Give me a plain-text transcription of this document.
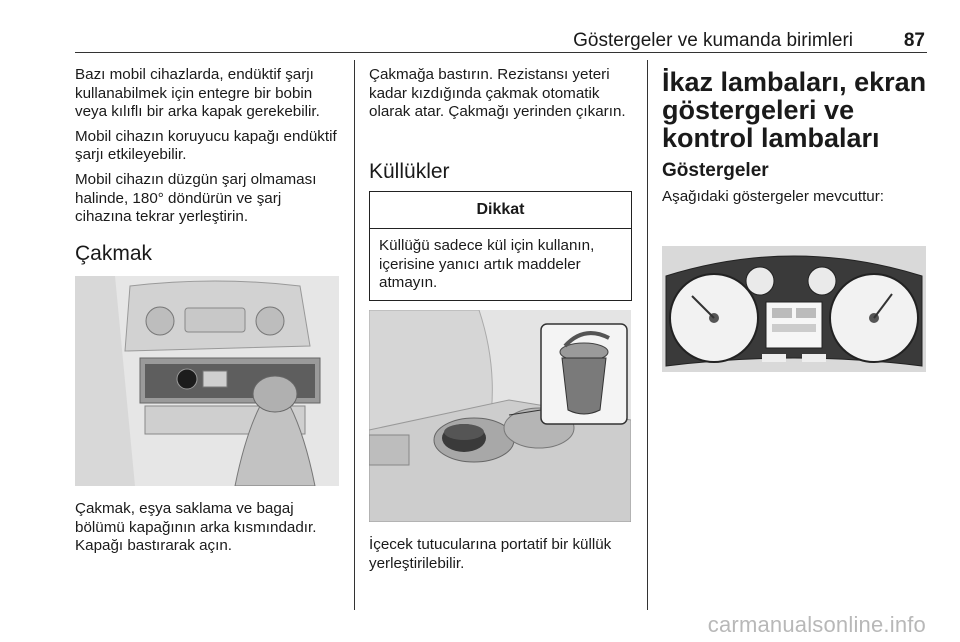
Göstergeler ve kumanda birimleri	87

Bazı mobil cihazlarda, endüktif şarjı kullanabilmek için entegre bir bobin veya kılıflı bir arka kapak gerekebilir.

Mobil cihazın koruyucu kapağı endüktif şarjı etkileyebilir.

Mobil cihazın düzgün şarj olmaması halinde, 180° döndürün ve şarj cihazına tekrar yerleştirin.

Çakmak
Çakmak, eşya saklama ve bagaj bölümü kapağının arka kısmındadır. Kapağı bastırarak açın.
Çakmağa bastırın. Rezistansı yeteri kadar kızdığında çakmak otomatik olarak atar. Çakmağı yerinden çıkarın.
Küllükler
Dikkat
Küllüğü sadece kül için kullanın, içerisine yanıcı artık maddeler atmayın.
İçecek tutucularına portatif bir küllük yerleştirilebilir.
İkaz lambaları, ekran göstergeleri ve kontrol lambaları
Göstergeler
Aşağıdaki göstergeler mevcuttur:
carmanualsonline.info
